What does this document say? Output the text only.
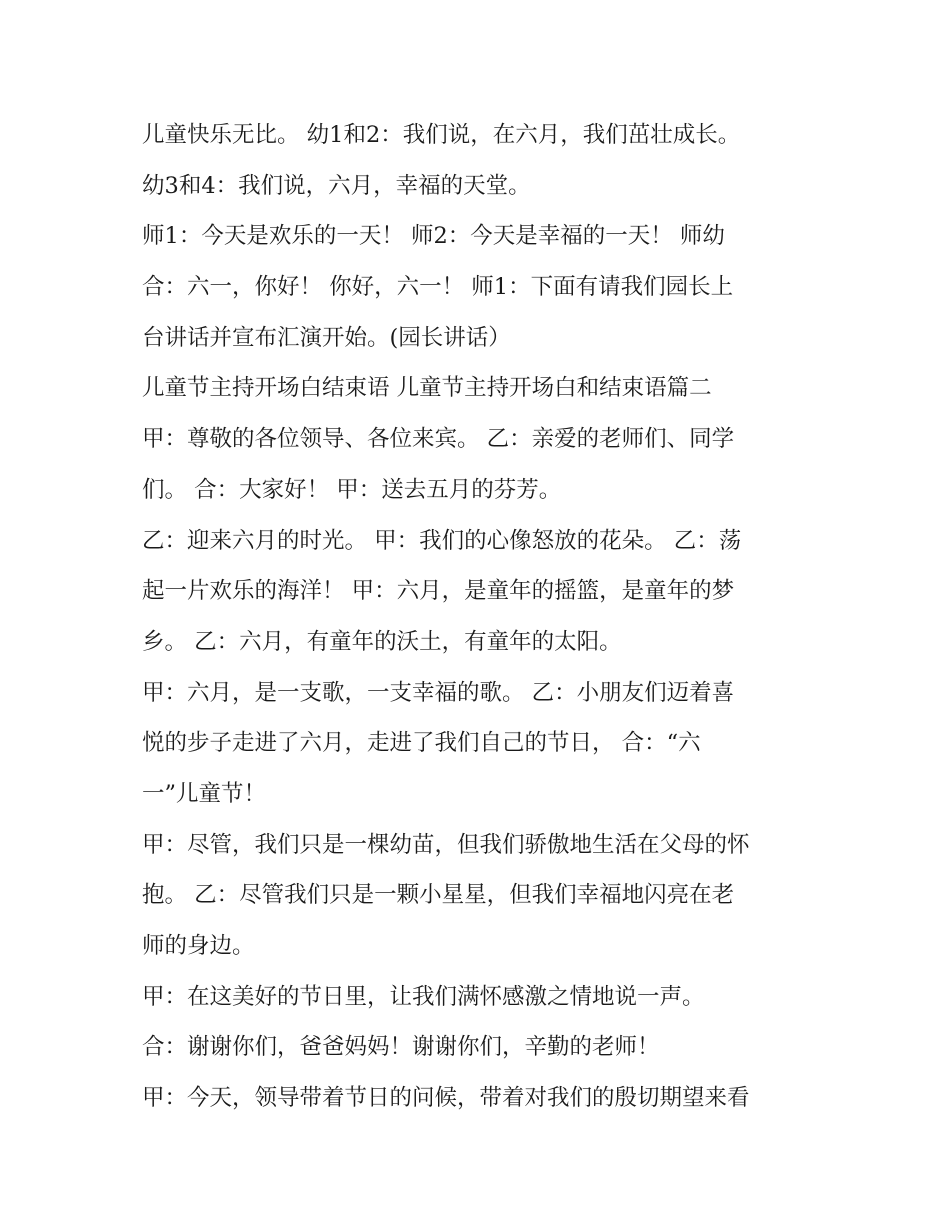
儿童快乐无比。 幼1和2：我们说，在六月，我们茁壮成长。
幼3和4：我们说，六月，幸福的天堂。
师1：今天是欢乐的一天！ 师2：今天是幸福的一天！ 师幼
合：六一，你好！ 你好，六一！ 师1：下面有请我们园长上
台讲话并宣布汇演开始。(园长讲话）
儿童节主持开场白结束语 儿童节主持开场白和结束语篇二
甲：尊敬的各位领导、各位来宾。 乙：亲爱的老师们、同学
们。 合：大家好！ 甲：送去五月的芬芳。
乙：迎来六月的时光。 甲：我们的心像怒放的花朵。 乙：荡
起一片欢乐的海洋！ 甲：六月，是童年的摇篮，是童年的梦
乡。 乙：六月，有童年的沃土，有童年的太阳。
甲：六月，是一支歌，一支幸福的歌。 乙：小朋友们迈着喜
悦的步子走进了六月，走进了我们自己的节日， 合：“六
一”儿童节！
甲：尽管，我们只是一棵幼苗，但我们骄傲地生活在父母的怀
抱。 乙：尽管我们只是一颗小星星，但我们幸福地闪亮在老
师的身边。
甲：在这美好的节日里，让我们满怀感激之情地说一声。
合：谢谢你们，爸爸妈妈！谢谢你们，辛勤的老师！
甲：今天，领导带着节日的问候，带着对我们的殷切期望来看
